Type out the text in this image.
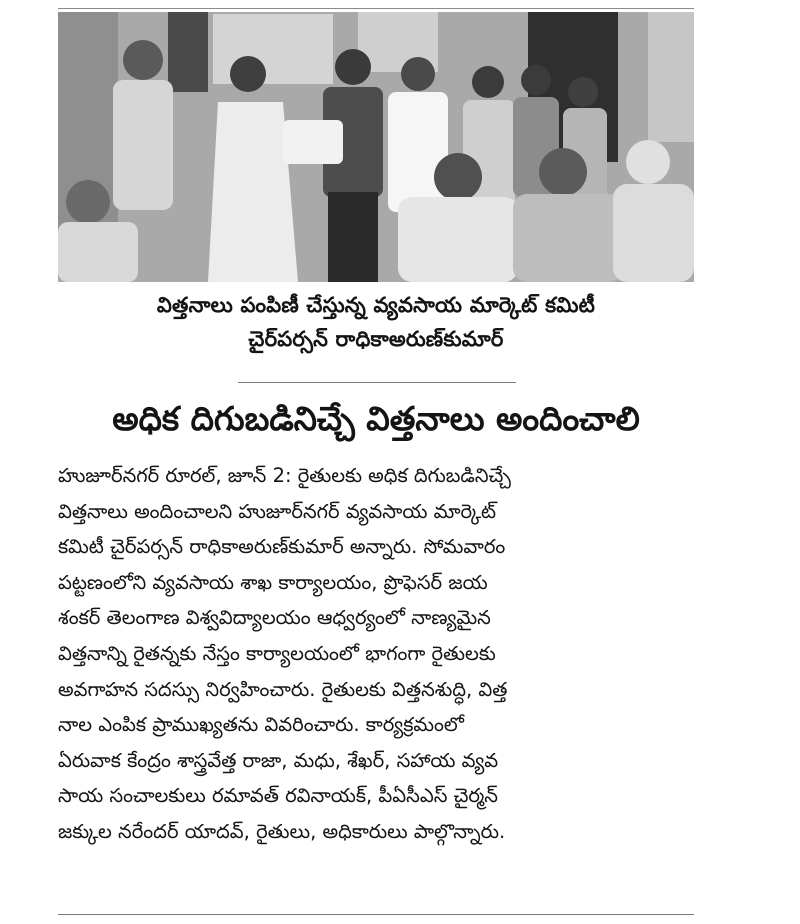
విత్తనాలు పంపిణీ చేస్తున్న వ్యవసాయ మార్కెట్ కమిటీ
చైర్‌పర్సన్ రాధికాఅరుణ్‌కుమార్
అధిక దిగుబడినిచ్చే విత్తనాలు అందించాలి
హుజూర్‌నగర్ రూరల్, జూన్ 2: రైతులకు అధిక దిగుబడినిచ్చే
విత్తనాలు అందించాలని హుజూర్‌నగర్ వ్యవసాయ మార్కెట్
కమిటీ చైర్‌పర్సన్ రాధికాఅరుణ్‌కుమార్ అన్నారు. సోమవారం
పట్టణంలోని వ్యవసాయ శాఖ కార్యాలయం, ప్రొఫెసర్ జయ
శంకర్ తెలంగాణ విశ్వవిద్యాలయం ఆధ్వర్యంలో నాణ్యమైన
విత్తనాన్ని రైతన్నకు నేస్తం కార్యాలయంలో భాగంగా రైతులకు
అవగాహన సదస్సు నిర్వహించారు. రైతులకు విత్తనశుద్ధి, విత్త
నాల ఎంపిక ప్రాముఖ్యతను వివరించారు. కార్యక్రమంలో
ఏరువాక కేంద్రం శాస్త్రవేత్త రాజా, మధు, శేఖర్, సహాయ వ్యవ
సాయ సంచాలకులు రమావత్ రవినాయక్, పీఏసీఎస్ చైర్మన్
జక్కుల నరేందర్ యాదవ్, రైతులు, అధికారులు పాల్గొన్నారు.
